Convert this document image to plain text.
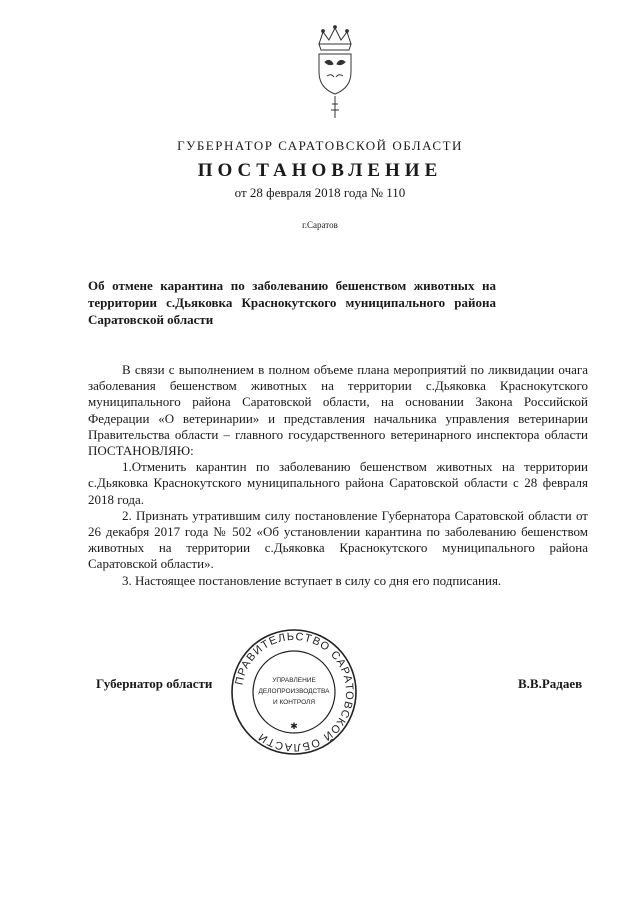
ГУБЕРНАТОР САРАТОВСКОЙ ОБЛАСТИ
ПОСТАНОВЛЕНИЕ
от 28 февраля 2018 года № 110
г.Саратов
Об отмене карантина по заболеванию бешенством животных на территории с.Дьяковка Краснокутского муниципального района Саратовской области

В связи с выполнением в полном объеме плана мероприятий по ликвидации очага заболевания бешенством животных на территории с.Дьяковка Краснокутского муниципального района Саратовской области, на основании Закона Российской Федерации «О ветеринарии» и представления начальника управления ветеринарии Правительства области – главного государственного ветеринарного инспектора области ПОСТАНОВЛЯЮ:

1.Отменить карантин по заболеванию бешенством животных на территории с.Дьяковка Краснокутского муниципального района Саратовской области с 28 февраля 2018 года.

2. Признать утратившим силу постановление Губернатора Саратовской области от 26 декабря 2017 года № 502 «Об установлении карантина по заболеванию бешенством животных на территории с.Дьяковка Краснокутского муниципального района Саратовской области».

3. Настоящее постановление вступает в силу со дня его подписания.

Губернатор области	В.В.Радаев
ПРАВИТЕЛЬСТВО САРАТОВСКОЙ ОБЛАСТИ
УПРАВЛЕНИЕ
ДЕЛОПРОИЗВОДСТВА
И КОНТРОЛЯ
✱
